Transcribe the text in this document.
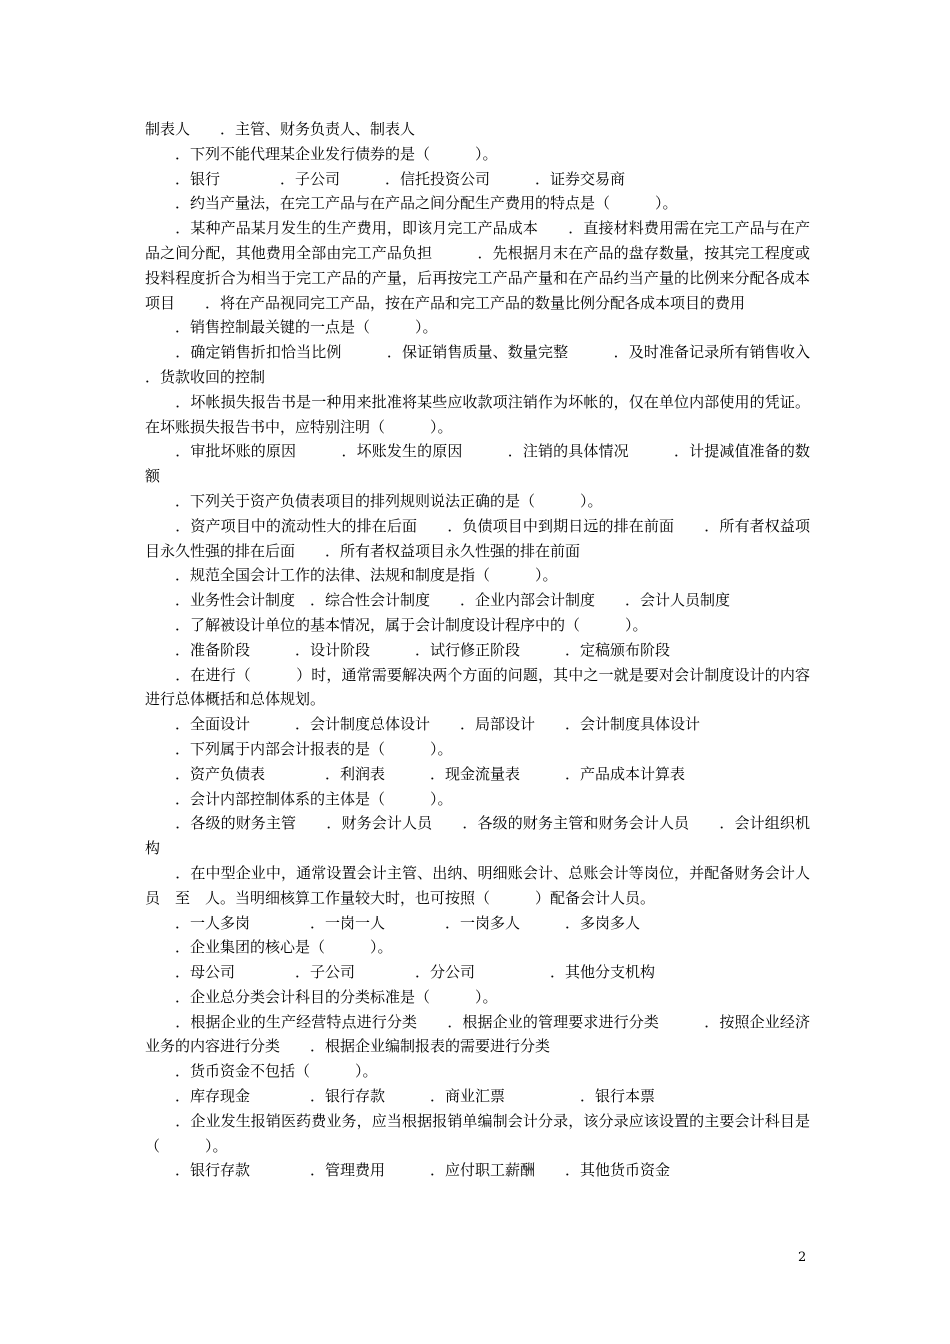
制表人　　．主管、财务负责人、制表人

　　．下列不能代理某企业发行债券的是（　　　）。

　　．银行　　　　．子公司　　　．信托投资公司　　　．证券交易商

　　．约当产量法，在完工产品与在产品之间分配生产费用的特点是（　　　）。

　　．某种产品某月发生的生产费用，即该月完工产品成本　　．直接材料费用需在完工产品与在产品之间分配，其他费用全部由完工产品负担　　　．先根据月末在产品的盘存数量，按其完工程度或投料程度折合为相当于完工产品的产量，后再按完工产品产量和在产品约当产量的比例来分配各成本项目　　．将在产品视同完工产品，按在产品和完工产品的数量比例分配各成本项目的费用

　　．销售控制最关键的一点是（　　　）。

　　．确定销售折扣恰当比例　　　．保证销售质量、数量完整　　　．及时准备记录所有销售收入　　．货款收回的控制

　　．坏帐损失报告书是一种用来批准将某些应收款项注销作为坏帐的，仅在单位内部使用的凭证。在坏账损失报告书中，应特别注明（　　　）。

　　．审批坏账的原因　　　．坏账发生的原因　　　．注销的具体情况　　　．计提减值准备的数额

　　．下列关于资产负债表项目的排列规则说法正确的是（　　　）。

　　．资产项目中的流动性大的排在后面　　．负债项目中到期日远的排在前面　　．所有者权益项目永久性强的排在后面　　．所有者权益项目永久性强的排在前面

　　．规范全国会计工作的法律、法规和制度是指（　　　）。

　　．业务性会计制度　．综合性会计制度　　．企业内部会计制度　　．会计人员制度

　　．了解被设计单位的基本情况，属于会计制度设计程序中的（　　　）。

　　．准备阶段　　　．设计阶段　　　．试行修正阶段　　　．定稿颁布阶段

　　．在进行（　　　）时，通常需要解决两个方面的问题，其中之一就是要对会计制度设计的内容进行总体概括和总体规划。

　　．全面设计　　　．会计制度总体设计　　．局部设计　　．会计制度具体设计

　　．下列属于内部会计报表的是（　　　）。

　　．资产负债表　　　　．利润表　　　．现金流量表　　　．产品成本计算表

　　．会计内部控制体系的主体是（　　　）。

　　．各级的财务主管　　．财务会计人员　　．各级的财务主管和财务会计人员　　．会计组织机构

　　．在中型企业中，通常设置会计主管、出纳、明细账会计、总账会计等岗位，并配备财务会计人员　至　人。当明细核算工作量较大时，也可按照（　　　）配备会计人员。

　　．一人多岗　　　　．一岗一人　　　　．一岗多人　　　．多岗多人

　　．企业集团的核心是（　　　）。

　　．母公司　　　　．子公司　　　　．分公司　　　　　．其他分支机构

　　．企业总分类会计科目的分类标准是（　　　）。

　　．根据企业的生产经营特点进行分类　　．根据企业的管理要求进行分类　　　．按照企业经济业务的内容进行分类　　．根据企业编制报表的需要进行分类

　　．货币资金不包括（　　　）。

　　．库存现金　　　　．银行存款　　　．商业汇票　　　　　．银行本票

　　．企业发生报销医药费业务，应当根据报销单编制会计分录，该分录应该设置的主要会计科目是（　　　）。

　　．银行存款　　　　．管理费用　　　．应付职工薪酬　　．其他货币资金

2
